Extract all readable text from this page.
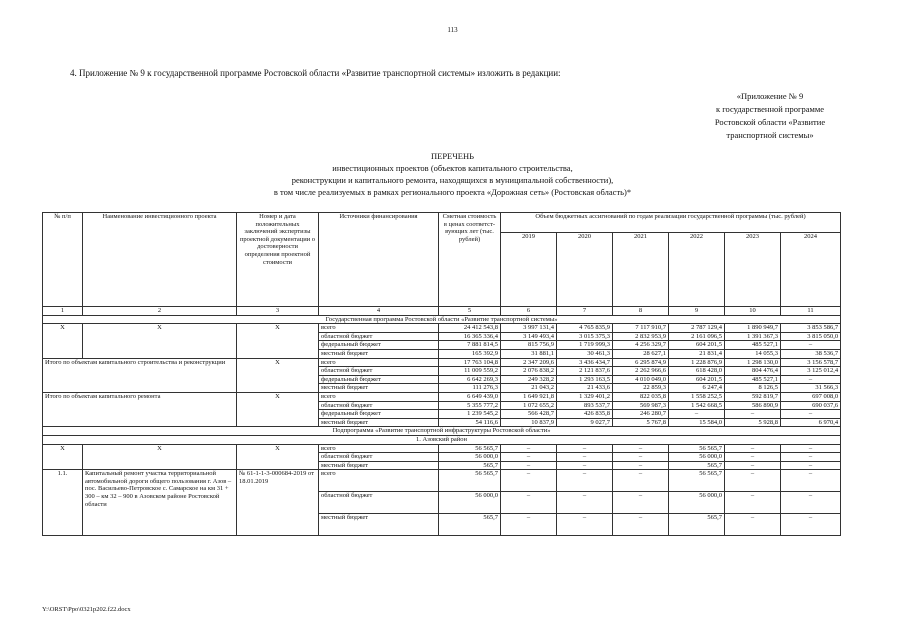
113
4. Приложение № 9 к государственной программе Ростовской области «Развитие транспортной системы» изложить в редакции:
«Приложение № 9
к государственной программе
Ростовской области «Развитие
транспортной системы»
ПЕРЕЧЕНЬ
инвестиционных проектов (объектов капитального строительства,
реконструкции и капитального ремонта, находящихся в муниципальной собственности),
в том числе реализуемых в рамках регионального проекта «Дорожная сеть» (Ростовская область)*
№ п/п	Наименование инвестиционного проекта	Номер и дата положительных заключений экспертизы проектной документации о достоверности определения проектной стоимости	Источники финансирования	Сметная стоимость в ценах соответст-вующих лет (тыс. рублей)	Объем бюджетных ассигнований по годам реализации государственной программы (тыс. рублей)					
					2019	2020	2021	2022	2023	2024
1	2	3	4	5	6	7	8	9	10	11
Государственная программа Ростовской области «Развитие транспортной системы»										
Х	Х	Х	всего	24 412 543,8	3 997 131,4	4 765 835,9	7 117 910,7	2 787 129,4	1 890 949,7	3 853 586,7
			областной бюджет	16 365 336,4	3 149 493,4	3 015 375,3	2 832 953,9	2 161 096,5	1 391 367,3	3 815 050,0
			федеральный бюджет	7 881 814,5	815 756,9	1 719 999,3	4 256 329,7	604 201,5	485 527,1	–
			местный бюджет	165 392,9	31 881,1	30 461,3	28 627,1	21 831,4	14 055,3	38 536,7
Итого по объектам капитального строительства и реконструкции		Х	всего	17 763 104,8	2 347 209,6	3 436 434,7	6 295 874,9	1 228 876,9	1 298 130,0	3 156 578,7
			областной бюджет	11 009 559,2	2 076 838,2	2 121 837,6	2 262 966,6	618 428,0	804 476,4	3 125 012,4
			федеральный бюджет	6 642 269,3	249 328,2	1 293 163,5	4 010 049,0	604 201,5	485 527,1	–
			местный бюджет	111 276,3	21 043,2	21 433,6	22 859,3	6 247,4	8 126,5	31 566,3
Итого по объектам капитального ремонта		Х	всего	6 649 439,0	1 649 921,8	1 329 401,2	822 035,8	1 558 252,5	592 819,7	697 008,0
			областной бюджет	5 355 777,2	1 072 655,2	893 537,7	569 987,3	1 542 668,5	586 890,9	690 037,6
			федеральный бюджет	1 239 545,2	566 428,7	426 835,8	246 280,7	–	–	–
			местный бюджет	54 116,6	10 837,9	9 027,7	5 767,8	15 584,0	5 928,8	6 970,4
Подпрограмма «Развитие транспортной инфраструктуры Ростовской области»										
1. Азовский район										
Х	Х	Х	всего	56 565,7	–	–	–	56 565,7	–	–
			областной бюджет	56 000,0	–	–	–	56 000,0	–	–
			местный бюджет	565,7	–	–	–	565,7	–	–
1.1.	Капитальный ремонт участка территориальной автомобильной дороги общего пользования г. Азов – пос. Васильево-Петровское с. Самарское на км 31 + 300 – км 32 – 900 в Азовском районе Ростовской области	№ 61-1-1-3-000684-2019 от 18.01.2019	всего	56 565,7	–	–	–	56 565,7	–	–
			областной бюджет	56 000,0	–	–	–	56 000,0	–	–
			местный бюджет	565,7	–	–	–	565,7	–	–
Y:\ORST\Ppo\0321p202.f22.docx
